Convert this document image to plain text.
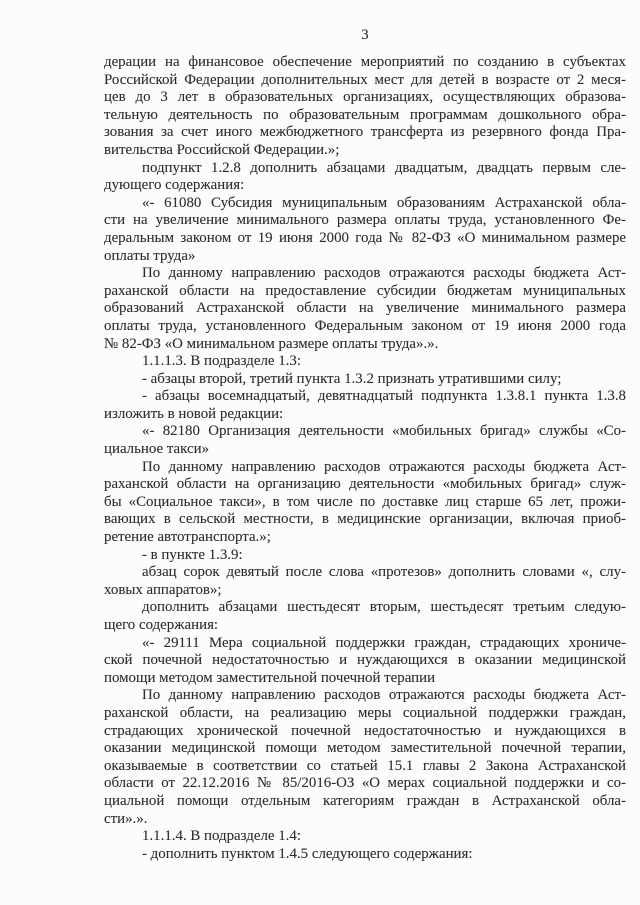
3
дерации на финансовое обеспечение мероприятий по созданию в субъектах
Российской Федерации дополнительных мест для детей в возрасте от 2 меся-
цев до 3 лет в образовательных организациях, осуществляющих образова-
тельную деятельность по образовательным программам дошкольного обра-
зования за счет иного межбюджетного трансферта из резервного фонда Пра-
вительства Российской Федерации.»;
подпункт 1.2.8 дополнить абзацами двадцатым, двадцать первым сле-
дующего содержания:
«- 61080 Субсидия муниципальным образованиям Астраханской обла-
сти на увеличение минимального размера оплаты труда, установленного Фе-
деральным законом от 19 июня 2000 года № 82-ФЗ «О минимальном размере
оплаты труда»
По данному направлению расходов отражаются расходы бюджета Аст-
раханской области на предоставление субсидии бюджетам муниципальных
образований Астраханской области на увеличение минимального размера
оплаты труда, установленного Федеральным законом от 19 июня 2000 года
№ 82-ФЗ «О минимальном размере оплаты труда».».
1.1.1.3. В подразделе 1.3:
- абзацы второй, третий пункта 1.3.2 признать утратившими силу;
- абзацы восемнадцатый, девятнадцатый подпункта 1.3.8.1 пункта 1.3.8
изложить в новой редакции:
«- 82180 Организация деятельности «мобильных бригад» службы «Со-
циальное такси»
По данному направлению расходов отражаются расходы бюджета Аст-
раханской области на организацию деятельности «мобильных бригад» служ-
бы «Социальное такси», в том числе по доставке лиц старше 65 лет, прожи-
вающих в сельской местности, в медицинские организации, включая приоб-
ретение автотранспорта.»;
- в пункте 1.3.9:
абзац сорок девятый после слова «протезов» дополнить словами «, слу-
ховых аппаратов»;
дополнить абзацами шестьдесят вторым, шестьдесят третьим следую-
щего содержания:
«- 29111 Мера социальной поддержки граждан, страдающих хрониче-
ской почечной недостаточностью и нуждающихся в оказании медицинской
помощи методом заместительной почечной терапии
По данному направлению расходов отражаются расходы бюджета Аст-
раханской области, на реализацию меры социальной поддержки граждан,
страдающих хронической почечной недостаточностью и нуждающихся в
оказании медицинской помощи методом заместительной почечной терапии,
оказываемые в соответствии со статьей 15.1 главы 2 Закона Астраханской
области от 22.12.2016 № 85/2016-ОЗ «О мерах социальной поддержки и со-
циальной помощи отдельным категориям граждан в Астраханской обла-
сти».».
1.1.1.4. В подразделе 1.4:
- дополнить пунктом 1.4.5 следующего содержания:
